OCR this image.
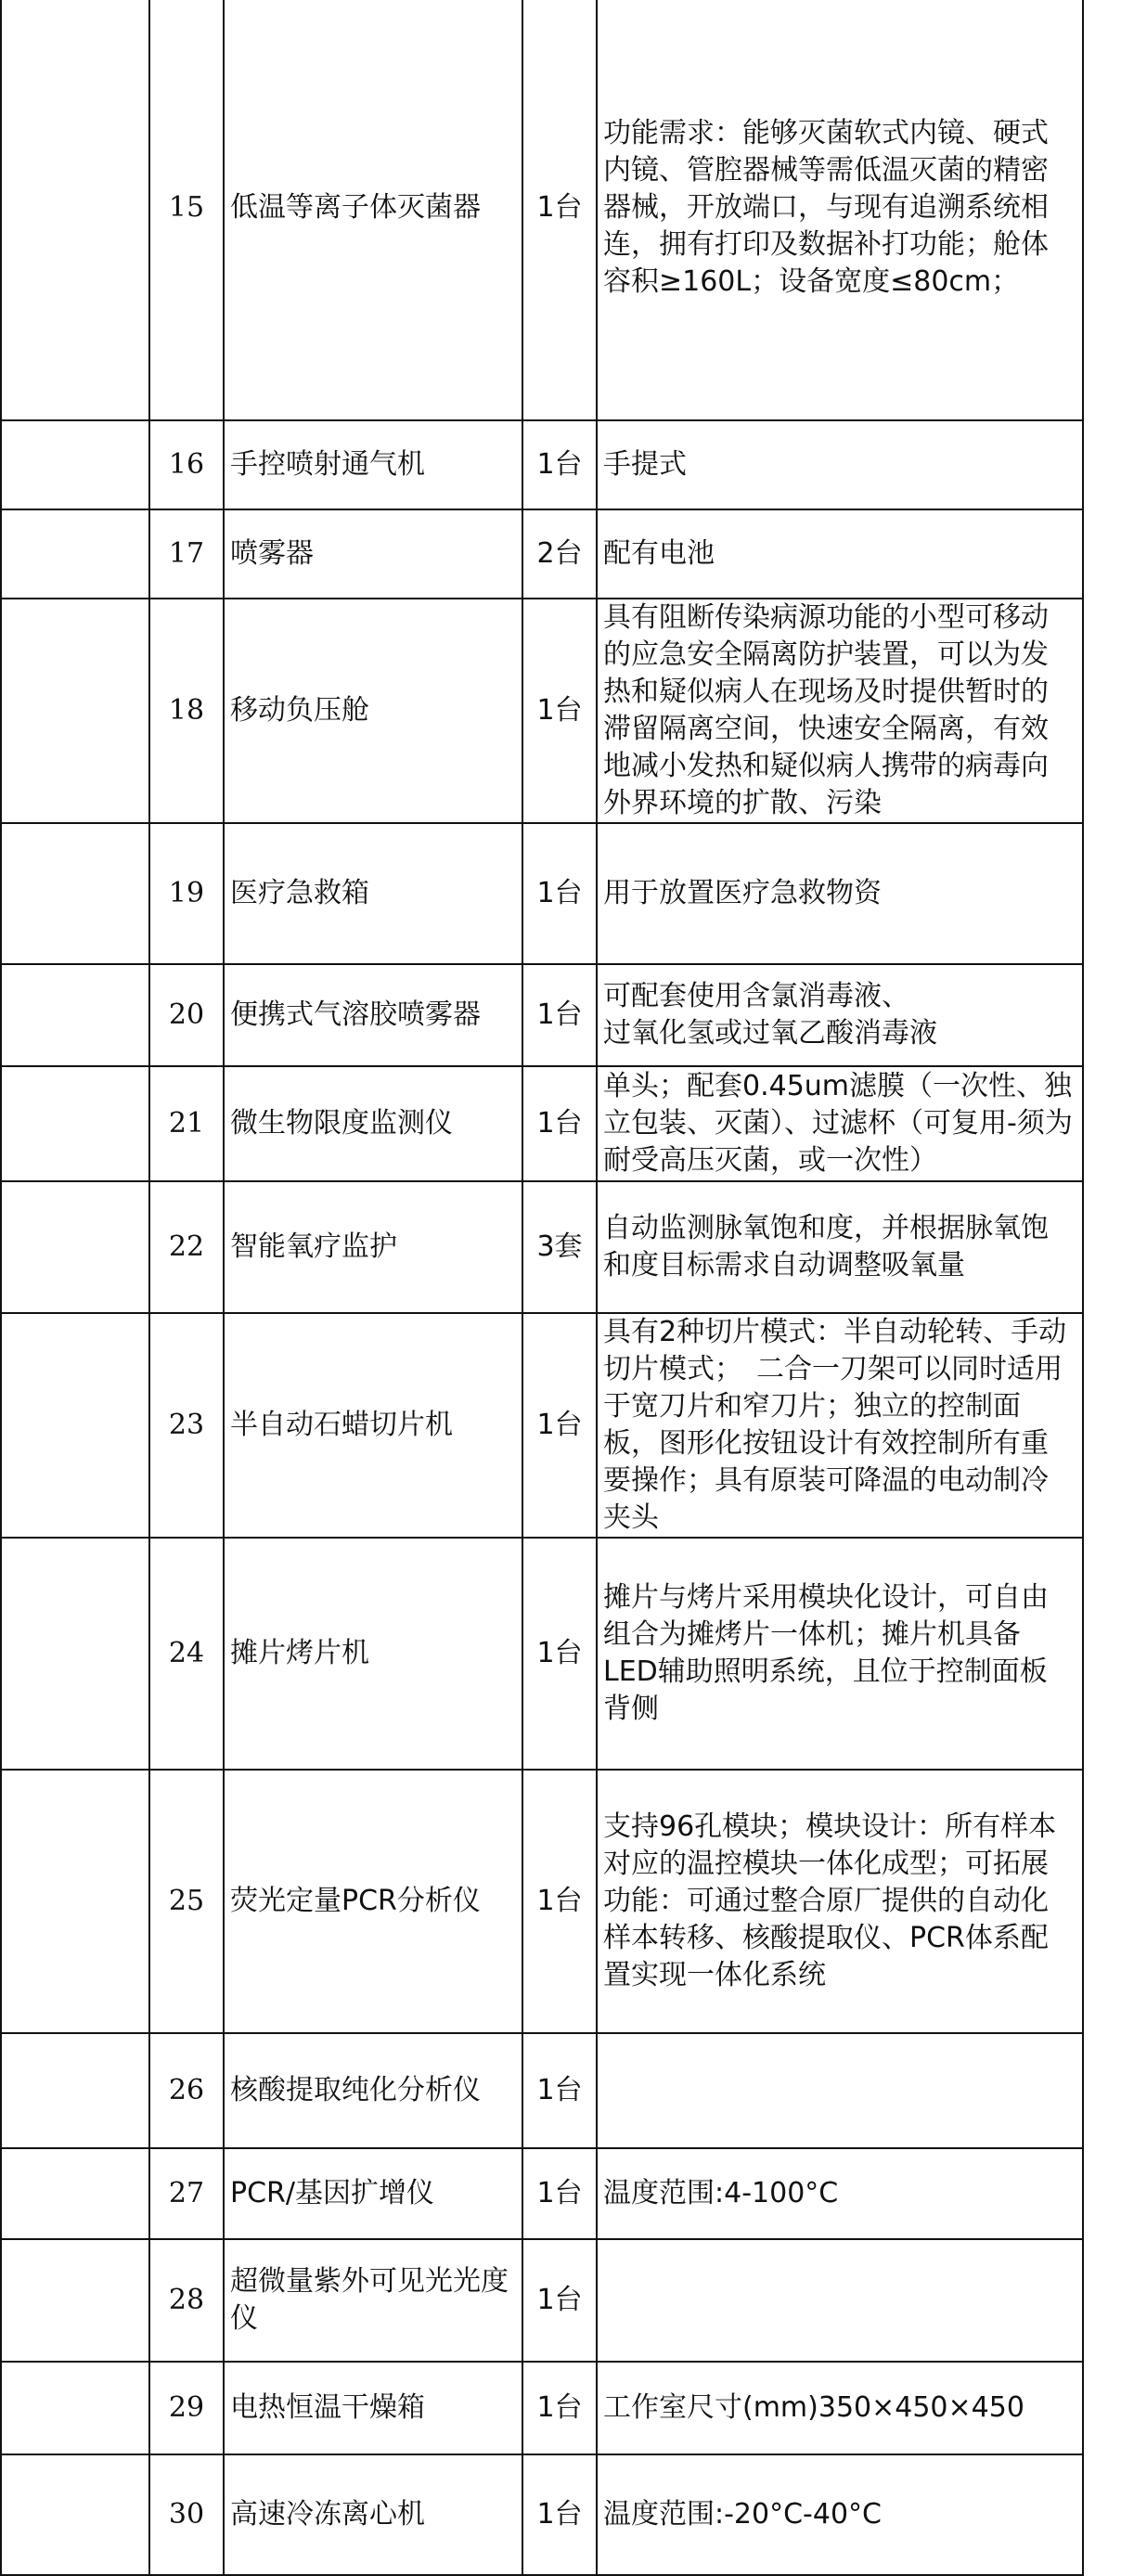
	15	低温等离子体灭菌器	1台	功能需求：能够灭菌软式内镜、硬式内镜、管腔器械等需低温灭菌的精密器械，开放端口，与现有追溯系统相连，拥有打印及数据补打功能；舱体容积≥160L；设备宽度≤80cm；

	16	手控喷射通气机	1台	手提式

	17	喷雾器	2台	配有电池

	18	移动负压舱	1台	具有阻断传染病源功能的小型可移动的应急安全隔离防护装置，可以为发热和疑似病人在现场及时提供暂时的滞留隔离空间，快速安全隔离，有效地减小发热和疑似病人携带的病毒向外界环境的扩散、污染

	19	医疗急救箱	1台	用于放置医疗急救物资

	20	便携式气溶胶喷雾器	1台	可配套使用含氯消毒液、
过氧化氢或过氧乙酸消毒液

	21	微生物限度监测仪	1台	单头；配套0.45um滤膜（一次性、独立包装、灭菌）、过滤杯（可复用-须为耐受高压灭菌，或一次性）

	22	智能氧疗监护	3套	自动监测脉氧饱和度，并根据脉氧饱和度目标需求自动调整吸氧量

	23	半自动石蜡切片机	1台	具有2种切片模式：半自动轮转、手动切片模式；　二合一刀架可以同时适用于宽刀片和窄刀片；独立的控制面板，图形化按钮设计有效控制所有重要操作；具有原装可降温的电动制冷夹头

	24	摊片烤片机	1台	摊片与烤片采用模块化设计，可自由组合为摊烤片一体机；摊片机具备LED辅助照明系统，且位于控制面板背侧

	25	荧光定量PCR分析仪	1台	支持96孔模块；模块设计：所有样本对应的温控模块一体化成型；可拓展功能：可通过整合原厂提供的自动化样本转移、核酸提取仪、PCR体系配置实现一体化系统

	26	核酸提取纯化分析仪	1台	

	27	PCR/基因扩增仪	1台	温度范围:4-100°C

	28	超微量紫外可见光光度仪	1台	

	29	电热恒温干燥箱	1台	工作室尺寸(mm)350×450×450

	30	高速冷冻离心机	1台	温度范围:-20°C-40°C
